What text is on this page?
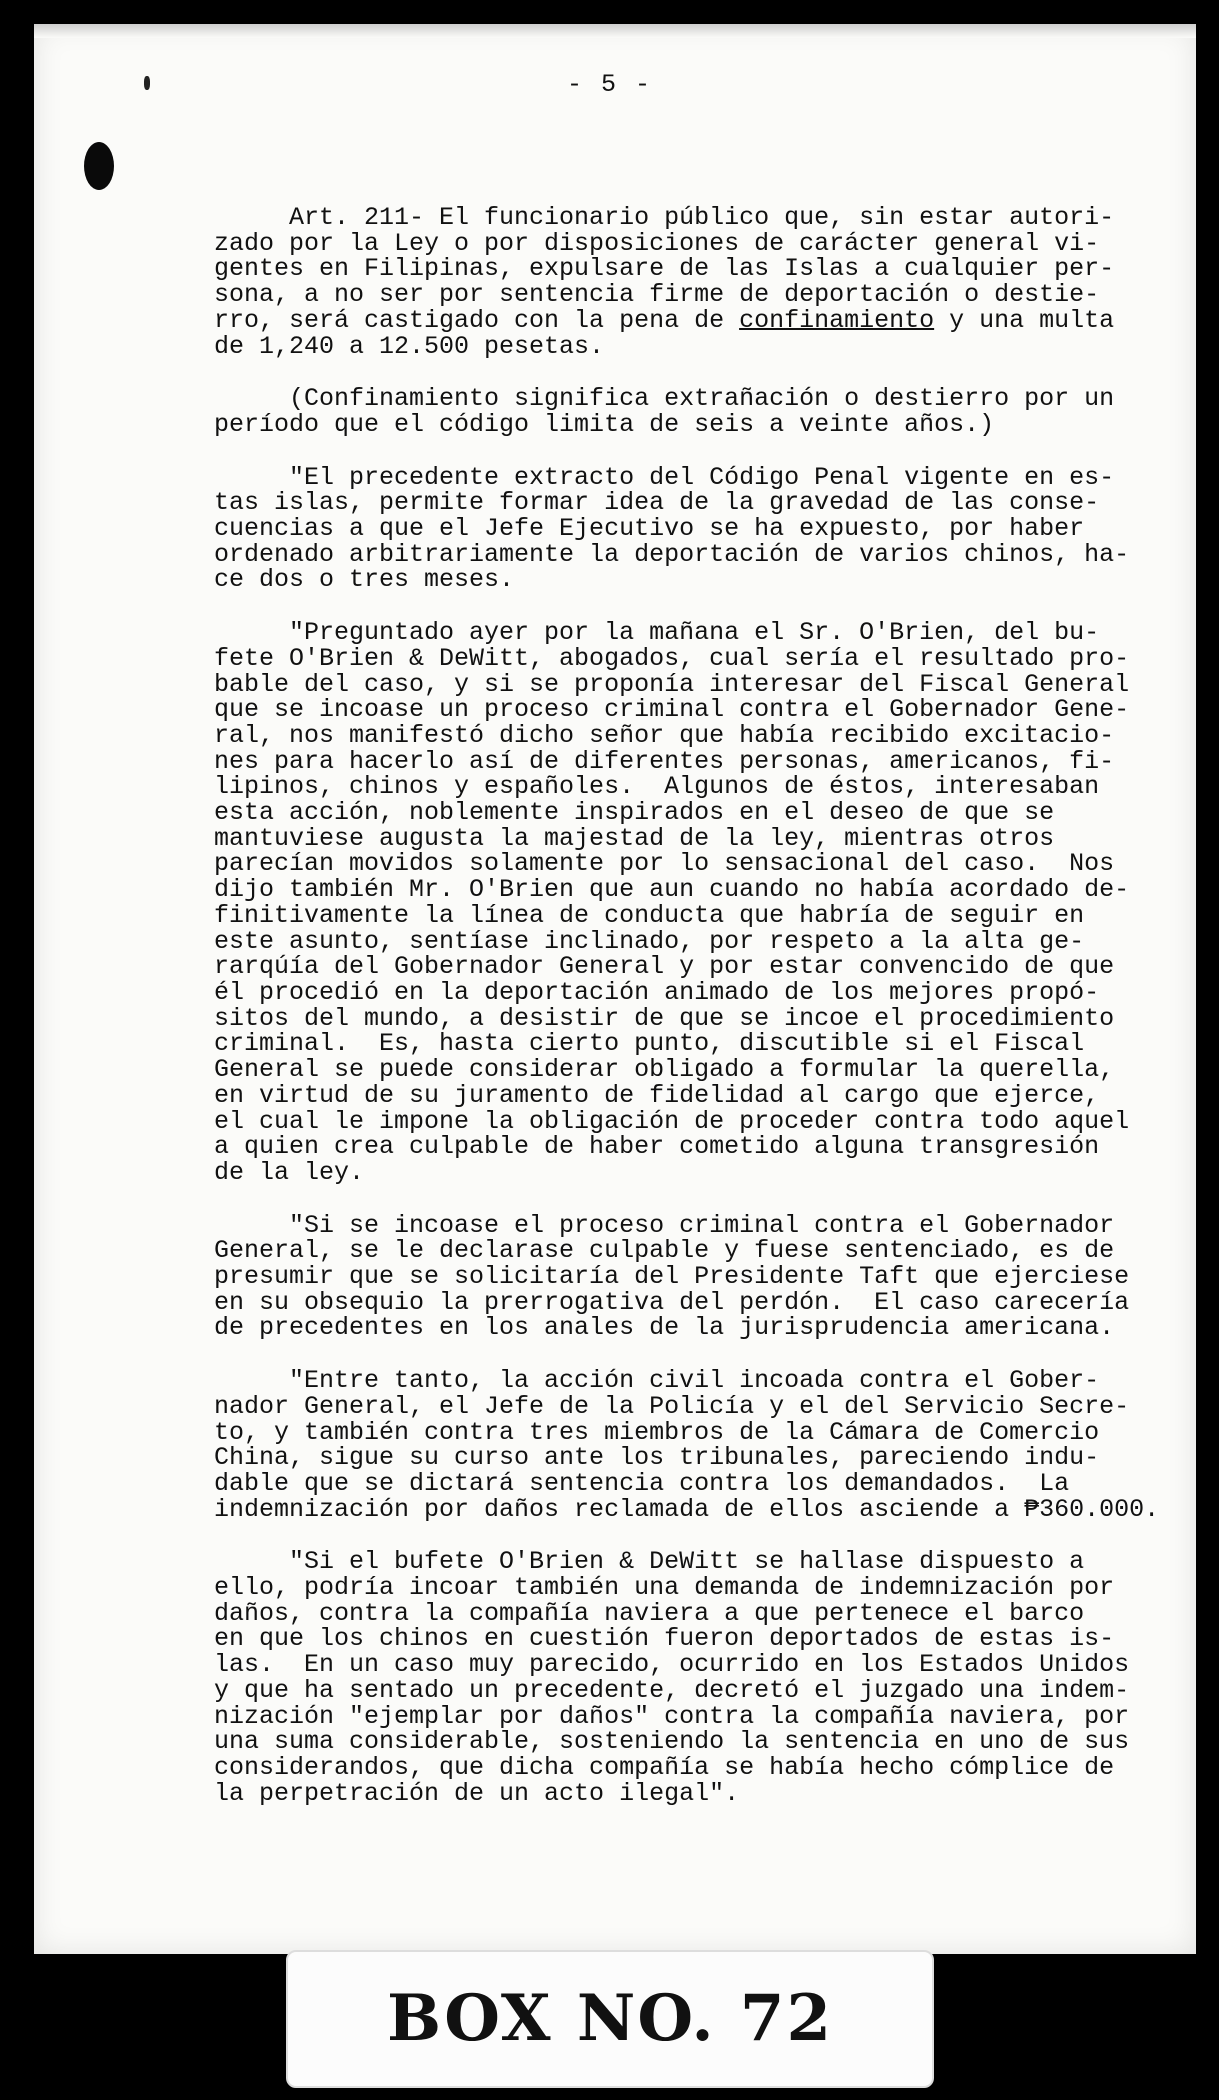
- 5 -
Art. 211- El funcionario público que, sin estar autori-
zado por la Ley o por disposiciones de carácter general vi-
gentes en Filipinas, expulsare de las Islas a cualquier per-
sona, a no ser por sentencia firme de deportación o destie-
rro, será castigado con la pena de confinamiento y una multa
de 1,240 a 12.500 pesetas.
(Confinamiento significa extrañación o destierro por un
período que el código limita de seis a veinte años.)
"El precedente extracto del Código Penal vigente en es-
tas islas, permite formar idea de la gravedad de las conse-
cuencias a que el Jefe Ejecutivo se ha expuesto, por haber
ordenado arbitrariamente la deportación de varios chinos, ha-
ce dos o tres meses.
"Preguntado ayer por la mañana el Sr. O'Brien, del bu-
fete O'Brien & DeWitt, abogados, cual sería el resultado pro-
bable del caso, y si se proponía interesar del Fiscal General
que se incoase un proceso criminal contra el Gobernador Gene-
ral, nos manifestó dicho señor que había recibido excitacio-
nes para hacerlo así de diferentes personas, americanos, fi-
lipinos, chinos y españoles.  Algunos de éstos, interesaban
esta acción, noblemente inspirados en el deseo de que se
mantuviese augusta la majestad de la ley, mientras otros
parecían movidos solamente por lo sensacional del caso.  Nos
dijo también Mr. O'Brien que aun cuando no había acordado de-
finitivamente la línea de conducta que habría de seguir en
este asunto, sentíase inclinado, por respeto a la alta ge-
rarqúía del Gobernador General y por estar convencido de que
él procedió en la deportación animado de los mejores propó-
sitos del mundo, a desistir de que se incoe el procedimiento
criminal.  Es, hasta cierto punto, discutible si el Fiscal
General se puede considerar obligado a formular la querella,
en virtud de su juramento de fidelidad al cargo que ejerce,
el cual le impone la obligación de proceder contra todo aquel
a quien crea culpable de haber cometido alguna transgresión
de la ley.
"Si se incoase el proceso criminal contra el Gobernador
General, se le declarase culpable y fuese sentenciado, es de
presumir que se solicitaría del Presidente Taft que ejerciese
en su obsequio la prerrogativa del perdón.  El caso carecería
de precedentes en los anales de la jurisprudencia americana.
"Entre tanto, la acción civil incoada contra el Gober-
nador General, el Jefe de la Policía y el del Servicio Secre-
to, y también contra tres miembros de la Cámara de Comercio
China, sigue su curso ante los tribunales, pareciendo indu-
dable que se dictará sentencia contra los demandados.  La
indemnización por daños reclamada de ellos asciende a ₱360.000.
"Si el bufete O'Brien & DeWitt se hallase dispuesto a
ello, podría incoar también una demanda de indemnización por
daños, contra la compañía naviera a que pertenece el barco
en que los chinos en cuestión fueron deportados de estas is-
las.  En un caso muy parecido, ocurrido en los Estados Unidos
y que ha sentado un precedente, decretó el juzgado una indem-
nización "ejemplar por daños" contra la compañía naviera, por
una suma considerable, sosteniendo la sentencia en uno de sus
considerandos, que dicha compañía se había hecho cómplice de
la perpetración de un acto ilegal".
BOX NO. 72
